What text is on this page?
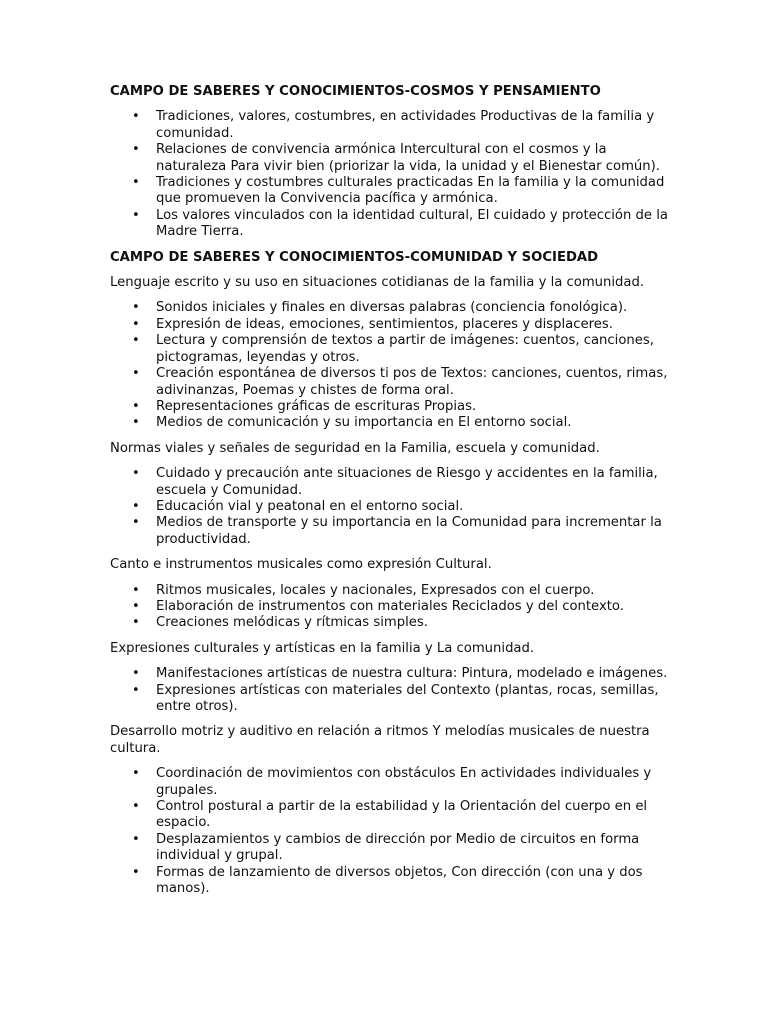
CAMPO DE SABERES Y CONOCIMIENTOS-COSMOS Y PENSAMIENTO
• Tradiciones, valores, costumbres, en actividades Productivas de la familia y comunidad.
• Relaciones de convivencia armónica Intercultural con el cosmos y la naturaleza Para vivir bien (priorizar la vida, la unidad y el Bienestar común).
• Tradiciones y costumbres culturales practicadas En la familia y la comunidad que promueven la Convivencia pacífica y armónica.
• Los valores vinculados con la identidad cultural, El cuidado y protección de la Madre Tierra.
CAMPO DE SABERES Y CONOCIMIENTOS-COMUNIDAD Y SOCIEDAD
Lenguaje escrito y su uso en situaciones cotidianas de la familia y la comunidad.
• Sonidos iniciales y finales en diversas palabras (conciencia fonológica).
• Expresión de ideas, emociones, sentimientos, placeres y displaceres.
• Lectura y comprensión de textos a partir de imágenes: cuentos, canciones, pictogramas, leyendas y otros.
• Creación espontánea de diversos ti pos de Textos: canciones, cuentos, rimas, adivinanzas, Poemas y chistes de forma oral.
• Representaciones gráficas de escrituras Propias.
• Medios de comunicación y su importancia en El entorno social.
Normas viales y señales de seguridad en la Familia, escuela y comunidad.
• Cuidado y precaución ante situaciones de Riesgo y accidentes en la familia, escuela y Comunidad.
• Educación vial y peatonal en el entorno social.
• Medios de transporte y su importancia en la Comunidad para incrementar la productividad.
Canto e instrumentos musicales como expresión Cultural.
• Ritmos musicales, locales y nacionales, Expresados con el cuerpo.
• Elaboración de instrumentos con materiales Reciclados y del contexto.
• Creaciones melódicas y rítmicas simples.
Expresiones culturales y artísticas en la familia y La comunidad.
• Manifestaciones artísticas de nuestra cultura: Pintura, modelado e imágenes.
• Expresiones artísticas con materiales del Contexto (plantas, rocas, semillas, entre otros).
Desarrollo motriz y auditivo en relación a ritmos Y melodías musicales de nuestra cultura.
• Coordinación de movimientos con obstáculos En actividades individuales y grupales.
• Control postural a partir de la estabilidad y la Orientación del cuerpo en el espacio.
• Desplazamientos y cambios de dirección por Medio de circuitos en forma individual y grupal.
• Formas de lanzamiento de diversos objetos, Con dirección (con una y dos manos).
